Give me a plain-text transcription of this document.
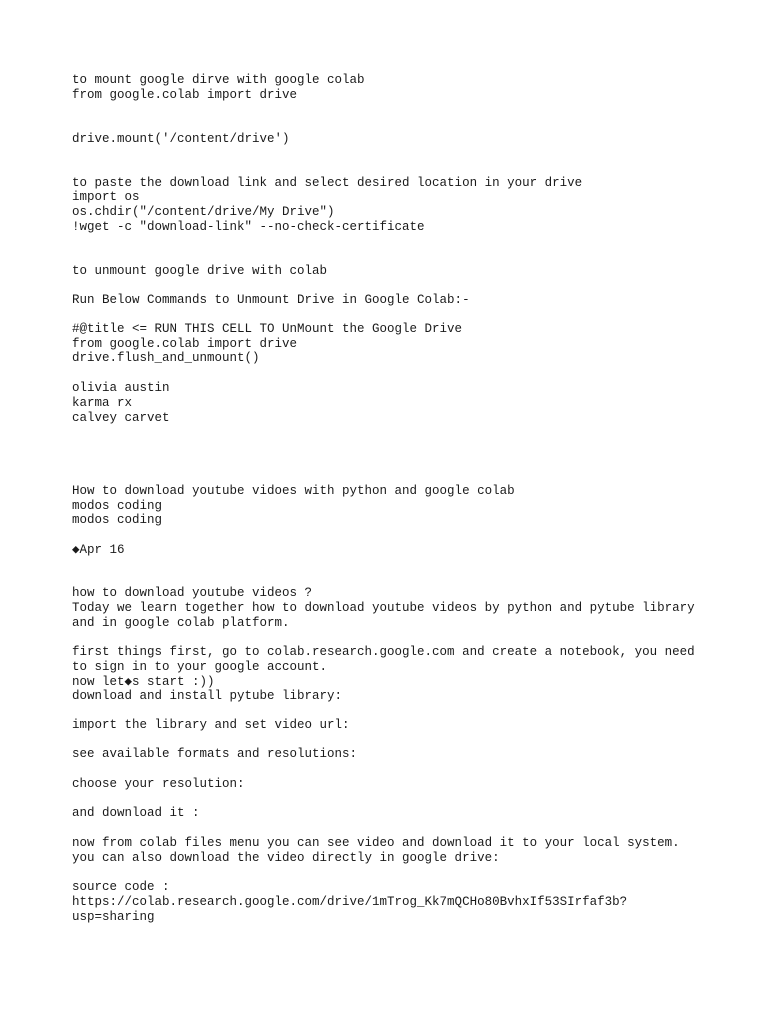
to mount google dirve with google colab

from google.colab import drive

drive.mount('/content/drive')

to paste the download link and select desired location in your drive

import os

os.chdir("/content/drive/My Drive")

!wget -c "download-link" --no-check-certificate

to unmount google drive with colab

Run Below Commands to Unmount Drive in Google Colab:-

#@title <= RUN THIS CELL TO UnMount the Google Drive

from google.colab import drive

drive.flush_and_unmount()

olivia austin

karma rx

calvey carvet

How to download youtube vidoes with python and google colab

modos coding

modos coding

◆Apr 16

how to download youtube videos ?

Today we learn together how to download youtube videos by python and pytube library

and in google colab platform.

first things first, go to colab.research.google.com and create a notebook, you need

to sign in to your google account.

now let◆s start :))

download and install pytube library:

import the library and set video url:

see available formats and resolutions:

choose your resolution:

and download it :

now from colab files menu you can see video and download it to your local system.

you can also download the video directly in google drive:

source code :

https://colab.research.google.com/drive/1mTrog_Kk7mQCHo80BvhxIf53SIrfaf3b?

usp=sharing
